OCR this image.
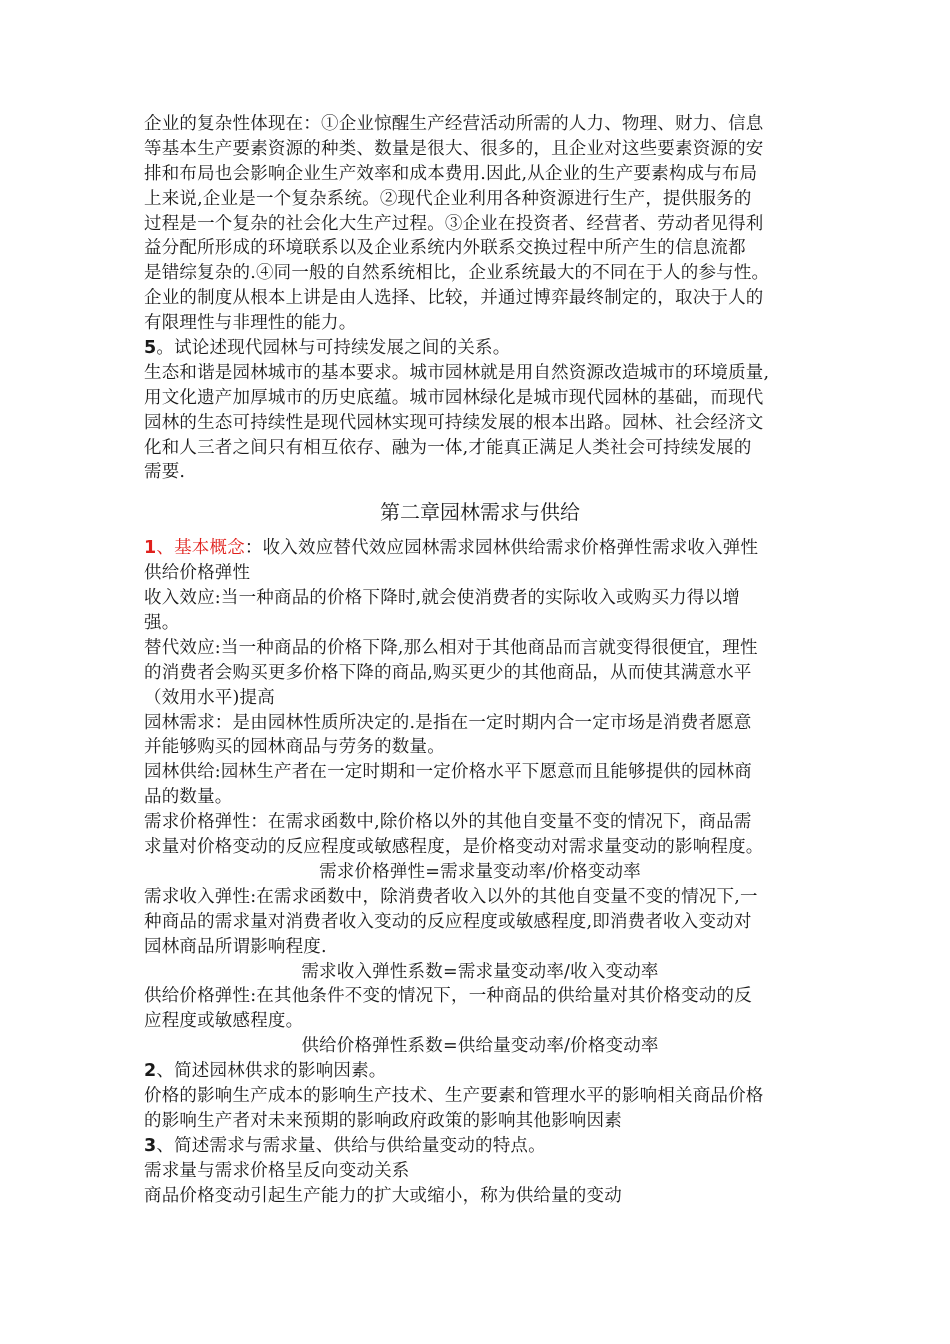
企业的复杂性体现在：①企业惊醒生产经营活动所需的人力、物理、财力、信息
等基本生产要素资源的种类、数量是很大、很多的，且企业对这些要素资源的安
排和布局也会影响企业生产效率和成本费用.因此,从企业的生产要素构成与布局
上来说,企业是一个复杂系统。②现代企业利用各种资源进行生产，提供服务的
过程是一个复杂的社会化大生产过程。③企业在投资者、经营者、劳动者见得利
益分配所形成的环境联系以及企业系统内外联系交换过程中所产生的信息流都
是错综复杂的.④同一般的自然系统相比，企业系统最大的不同在于人的参与性。
企业的制度从根本上讲是由人选择、比较，并通过博弈最终制定的，取决于人的
有限理性与非理性的能力。
5。试论述现代园林与可持续发展之间的关系。
生态和谐是园林城市的基本要求。城市园林就是用自然资源改造城市的环境质量,
用文化遗产加厚城市的历史底蕴。城市园林绿化是城市现代园林的基础，而现代
园林的生态可持续性是现代园林实现可持续发展的根本出路。园林、社会经济文
化和人三者之间只有相互依存、融为一体,才能真正满足人类社会可持续发展的
需要.
第二章园林需求与供给
1、基本概念：收入效应替代效应园林需求园林供给需求价格弹性需求收入弹性
供给价格弹性
收入效应:当一种商品的价格下降时,就会使消费者的实际收入或购买力得以增
强。
替代效应:当一种商品的价格下降,那么相对于其他商品而言就变得很便宜，理性
的消费者会购买更多价格下降的商品,购买更少的其他商品，从而使其满意水平
（效用水平)提高
园林需求：是由园林性质所决定的.是指在一定时期内合一定市场是消费者愿意
并能够购买的园林商品与劳务的数量。
园林供给:园林生产者在一定时期和一定价格水平下愿意而且能够提供的园林商
品的数量。
需求价格弹性：在需求函数中,除价格以外的其他自变量不变的情况下，商品需
求量对价格变动的反应程度或敏感程度，是价格变动对需求量变动的影响程度。
需求价格弹性=需求量变动率/价格变动率
需求收入弹性:在需求函数中，除消费者收入以外的其他自变量不变的情况下,一
种商品的需求量对消费者收入变动的反应程度或敏感程度,即消费者收入变动对
园林商品所谓影响程度.
需求收入弹性系数=需求量变动率/收入变动率
供给价格弹性:在其他条件不变的情况下，一种商品的供给量对其价格变动的反
应程度或敏感程度。
供给价格弹性系数=供给量变动率/价格变动率
2、简述园林供求的影响因素。
价格的影响生产成本的影响生产技术、生产要素和管理水平的影响相关商品价格
的影响生产者对未来预期的影响政府政策的影响其他影响因素
3、简述需求与需求量、供给与供给量变动的特点。
需求量与需求价格呈反向变动关系
商品价格变动引起生产能力的扩大或缩小，称为供给量的变动
